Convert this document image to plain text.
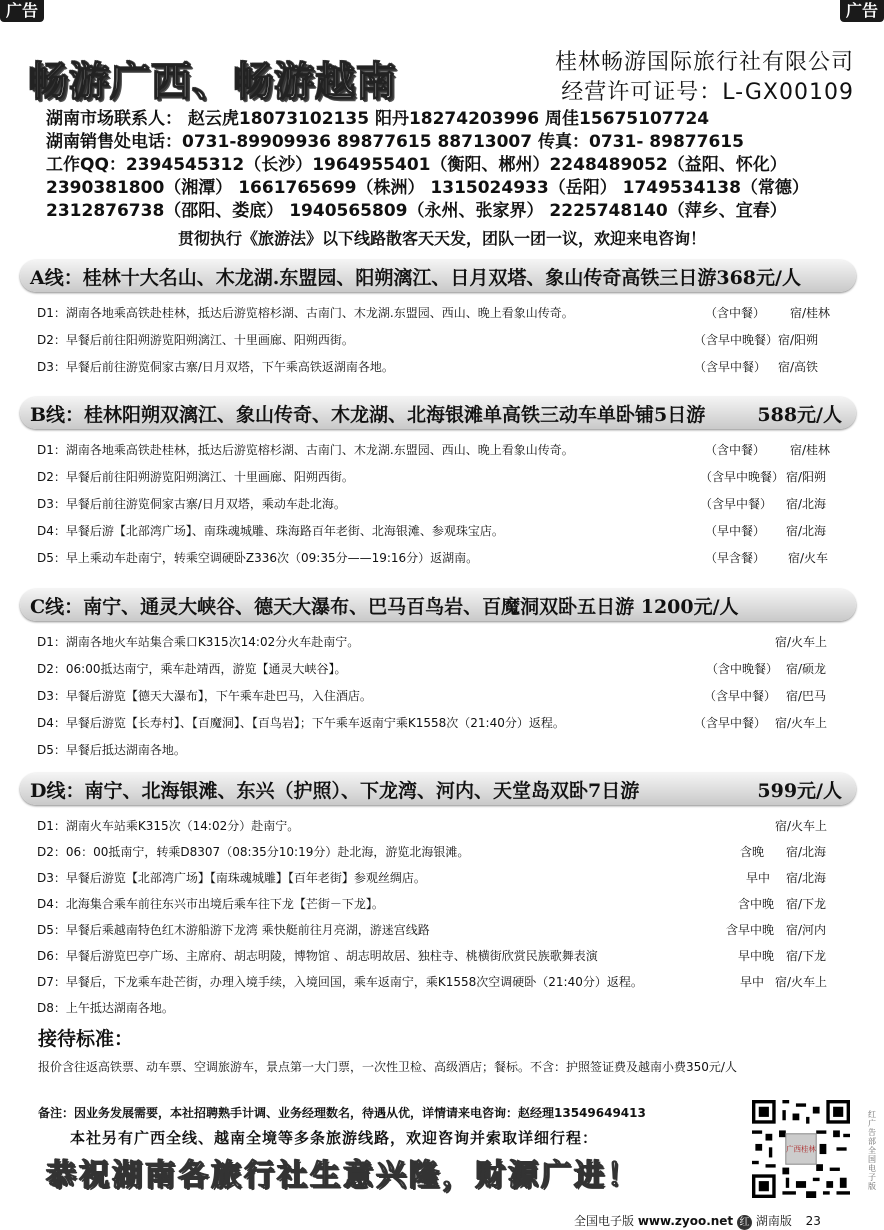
广告	广告
畅游广西、畅游越南	桂林畅游国际旅行社有限公司
经营许可证号：L-GX00109
湖南市场联系人： 赵云虎18073102135 阳丹18274203996 周佳15675107724
湖南销售处电话：0731-89909936 89877615 88713007 传真：0731- 89877615
工作QQ：2394545312（长沙）1964955401（衡阳、郴州）2248489052（益阳、怀化）
2390381800（湘潭） 1661765699（株洲） 1315024933（岳阳） 1749534138（常德）
2312876738（邵阳、娄底） 1940565809（永州、张家界） 2225748140（萍乡、宜春）
贯彻执行《旅游法》以下线路散客天天发，团队一团一议，欢迎来电咨询！
A线：桂林十大名山、木龙湖.东盟园、阳朔漓江、日月双塔、象山传奇高铁三日游368元/人
D1：湖南各地乘高铁赴桂林，抵达后游览榕杉湖、古南门、木龙湖.东盟园、西山、晚上看象山传奇。	（含中餐） 宿/桂林
D2：早餐后前往阳朔游览阳朔漓江、十里画廊、阳朔西街。	（含早中晚餐） 宿/阳朔
D3：早餐后前往游览侗家古寨/日月双塔，下午乘高铁返湖南各地。	（含早中餐） 宿/高铁
B线：桂林阳朔双漓江、象山传奇、木龙湖、北海银滩单高铁三动车单卧铺5日游	588元/人
D1：湖南各地乘高铁赴桂林，抵达后游览榕杉湖、古南门、木龙湖.东盟园、西山、晚上看象山传奇。	（含中餐） 宿/桂林
D2：早餐后前往阳朔游览阳朔漓江、十里画廊、阳朔西街。	（含早中晚餐） 宿/阳朔
D3：早餐后前往游览侗家古寨/日月双塔，乘动车赴北海。	（含早中餐） 宿/北海
D4：早餐后游【北部湾广场】、南珠魂城雕、珠海路百年老街、北海银滩、参观珠宝店。	（早中餐） 宿/北海
D5：早上乘动车赴南宁，转乘空调硬卧Z336次（09:35分——19:16分）返湖南。	（早含餐） 宿/火车
C线：南宁、通灵大峡谷、德天大瀑布、巴马百鸟岩、百魔洞双卧五日游 1200元/人
D1：湖南各地火车站集合乘口K315次14:02分火车赴南宁。	宿/火车上
D2：06:00抵达南宁，乘车赴靖西，游览【通灵大峡谷】。	（含中晚餐） 宿/硕龙
D3：早餐后游览【德天大瀑布】，下午乘车赴巴马，入住酒店。	（含早中餐） 宿/巴马
D4：早餐后游览【长寿村】、【百魔洞】、【百鸟岩】；下午乘车返南宁乘K1558次（21:40分）返程。	（含早中餐） 宿/火车上
D5：早餐后抵达湖南各地。
D线：南宁、北海银滩、东兴（护照）、下龙湾、河内、天堂岛双卧7日游	599元/人
D1：湖南火车站乘K315次（14:02分）赴南宁。	宿/火车上
D2：06：00抵南宁，转乘D8307（08:35分10:19分）赴北海，游览北海银滩。	含晚 宿/北海
D3：早餐后游览【北部湾广场】【南珠魂城雕】【百年老街】参观丝绸店。	早中 宿/北海
D4：北海集合乘车前往东兴市出境后乘车往下龙【芒街－下龙】。	含中晚 宿/下龙
D5：早餐后乘越南特色红木游船游下龙湾 乘快艇前往月亮湖，游迷宫线路	含早中晚 宿/河内
D6：早餐后游览巴亭广场、主席府、胡志明陵，博物馆 、胡志明故居、独柱寺、桃横街欣赏民族歌舞表演	早中晚 宿/下龙
D7：早餐后，下龙乘车赴芒街，办理入境手续，入境回国，乘车返南宁，乘K1558次空调硬卧（21:40分）返程。	早中 宿/火车上
D8：上午抵达湖南各地。
接待标准：
报价含往返高铁票、动车票、空调旅游车，景点第一大门票，一次性卫检、高级酒店；餐标。不含：护照签证费及越南小费350元/人
备注：因业务发展需要，本社招聘熟手计调、业务经理数名，待遇从优，详情请来电咨询：赵经理13549649413
本社另有广西全线、越南全境等多条旅游线路，欢迎咨询并索取详细行程：
恭祝湖南各旅行社生意兴隆，财源广进！
广西桂林
红广告部全国电子版
全国电子版 www.zyoo.net 红 湖南版 23
